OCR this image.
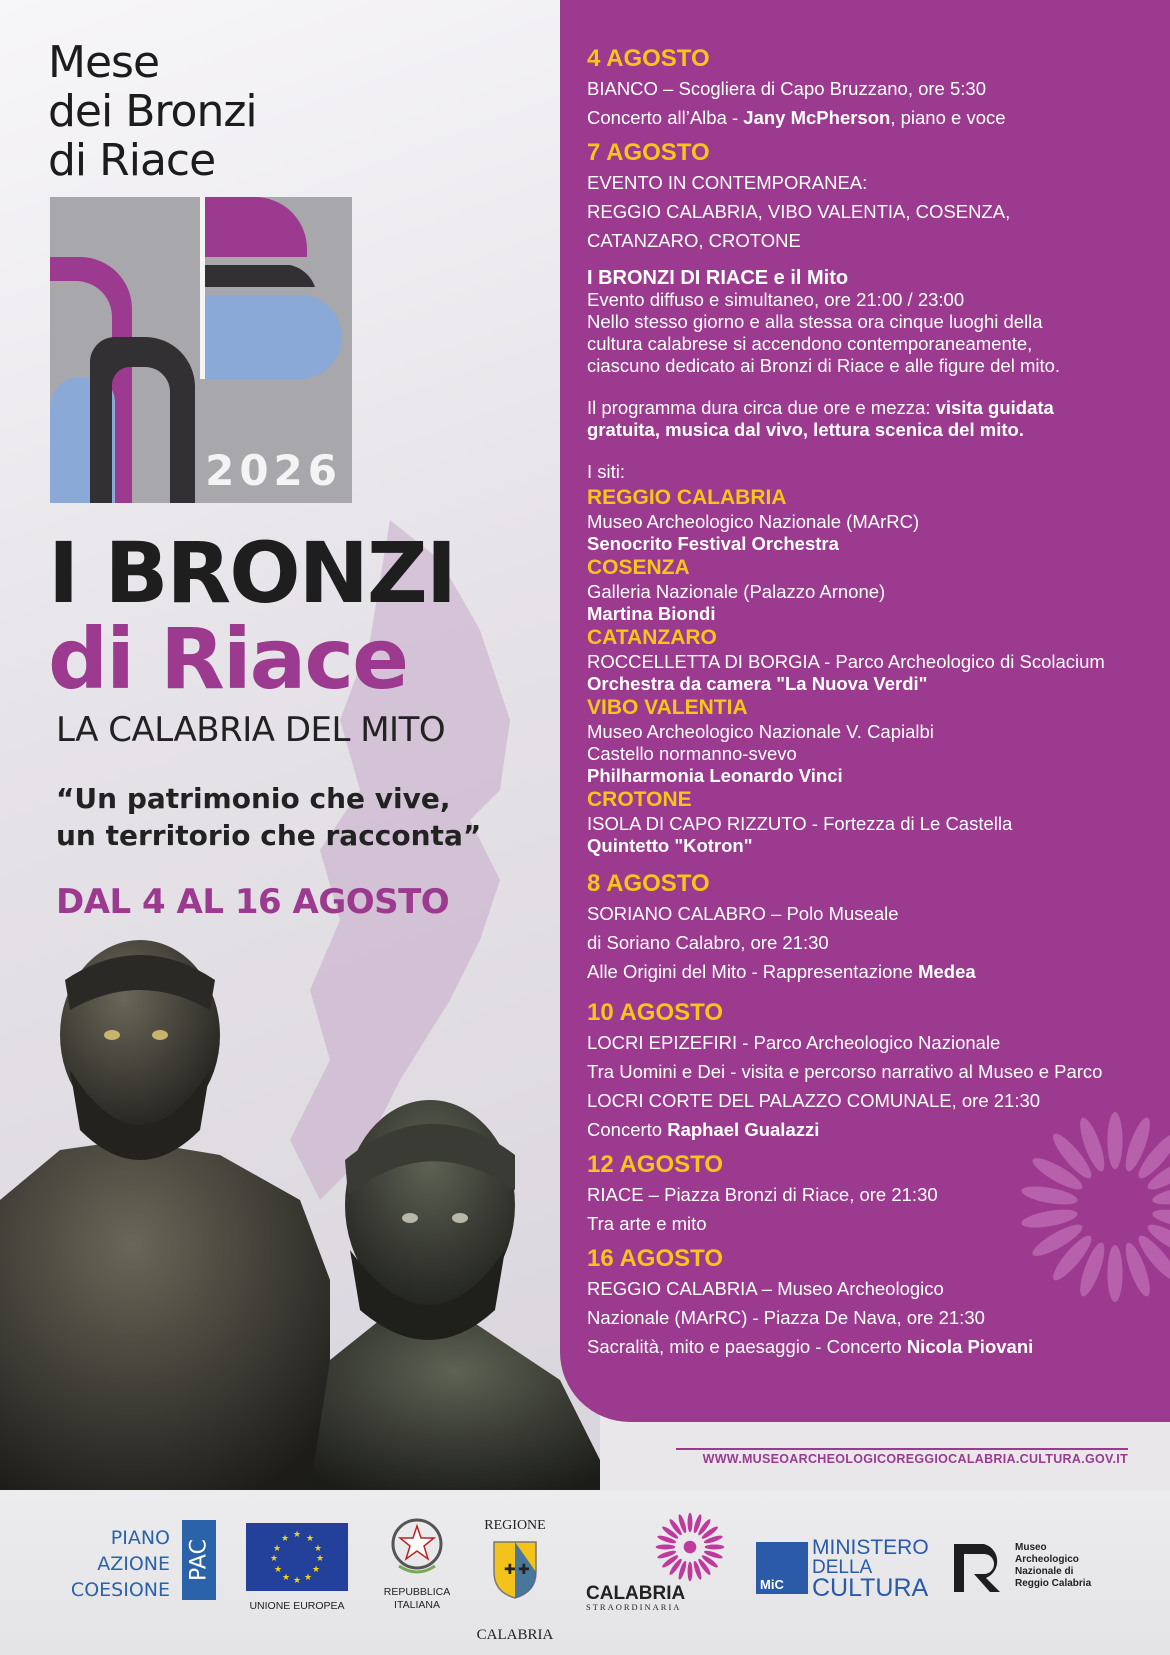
Mese
dei Bronzi
di Riace
2026
I BRONZI
di Riace
LA CALABRIA DEL MITO
“Un patrimonio che vive,
un territorio che racconta”
DAL 4 AL 16 AGOSTO
4 AGOSTO
BIANCO – Scogliera di Capo Bruzzano, ore 5:30
Concerto all’Alba - Jany McPherson, piano e voce
7 AGOSTO
EVENTO IN CONTEMPORANEA:
REGGIO CALABRIA, VIBO VALENTIA, COSENZA,
CATANZARO, CROTONE
I BRONZI DI RIACE e il Mito
Evento diffuso e simultaneo, ore 21:00 / 23:00
Nello stesso giorno e alla stessa ora cinque luoghi della
cultura calabrese si accendono contemporaneamente,
ciascuno dedicato ai Bronzi di Riace e alle figure del mito.
Il programma dura circa due ore e mezza: visita guidata
gratuita, musica dal vivo, lettura scenica del mito.
I siti:
REGGIO CALABRIA
Museo Archeologico Nazionale (MArRC)
Senocrito Festival Orchestra
COSENZA
Galleria Nazionale (Palazzo Arnone)
Martina Biondi
CATANZARO
ROCCELLETTA DI BORGIA - Parco Archeologico di Scolacium
Orchestra da camera "La Nuova Verdi"
VIBO VALENTIA
Museo Archeologico Nazionale V. Capialbi
Castello normanno-svevo
Philharmonia Leonardo Vinci
CROTONE
ISOLA DI CAPO RIZZUTO - Fortezza di Le Castella
Quintetto "Kotron"
8 AGOSTO
SORIANO CALABRO – Polo Museale
di Soriano Calabro, ore 21:30
Alle Origini del Mito - Rappresentazione Medea
10 AGOSTO
LOCRI EPIZEFIRI - Parco Archeologico Nazionale
Tra Uomini e Dei - visita e percorso narrativo al Museo e Parco
LOCRI CORTE DEL PALAZZO COMUNALE, ore 21:30
Concerto Raphael Gualazzi
12 AGOSTO
RIACE – Piazza Bronzi di Riace, ore 21:30
Tra arte e mito
16 AGOSTO
REGGIO CALABRIA – Museo Archeologico
Nazionale (MArRC) - Piazza De Nava, ore 21:30
Sacralità, mito e paesaggio - Concerto Nicola Piovani
WWW.MUSEOARCHEOLOGICOREGGIOCALABRIA.CULTURA.GOV.IT
PIANO
AZIONE
COESIONE
PAC
★ ★
★
★
★
★
★
★
★
★
★
★
UNIONE EUROPEA
REPUBBLICA
ITALIANA
REGIONE
✚ ✚
CALABRIA
CALABRIA
STRAORDINARIA
MiC
MINISTERO
DELLA
CULTURA
Museo
Archeologico
Nazionale di
Reggio Calabria
